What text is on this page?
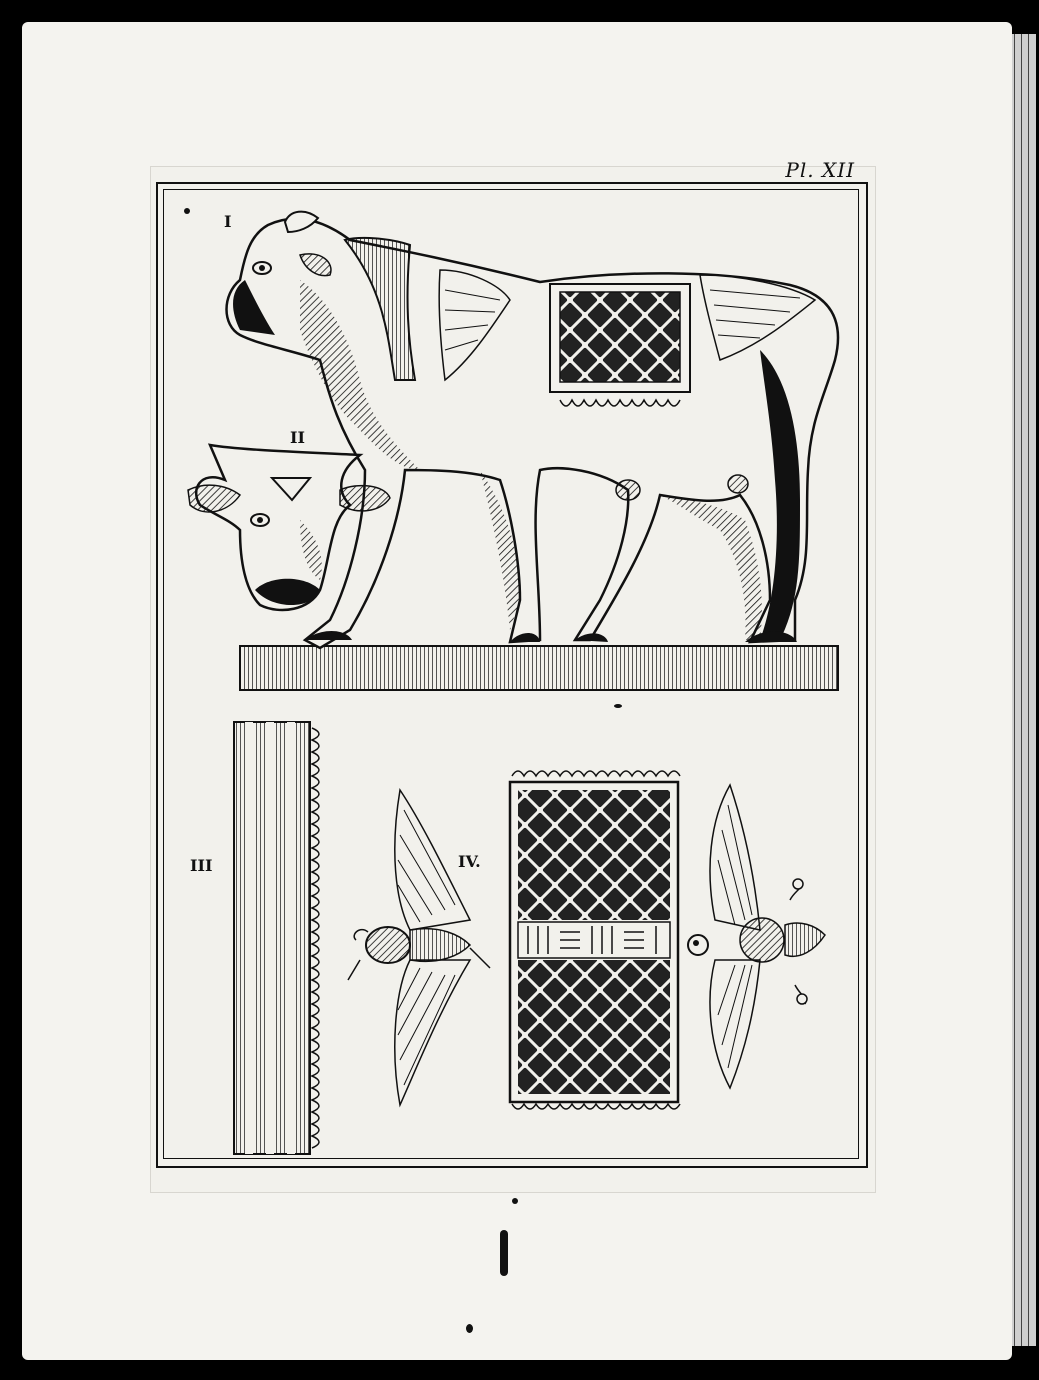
Pl. XII
I
II
III	IV.
